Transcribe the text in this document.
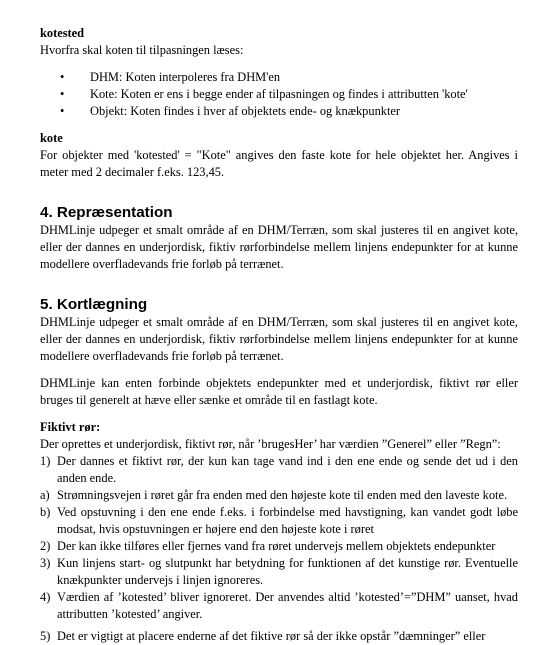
kotested

Hvorfra skal koten til tilpasningen læses:

• DHM: Koten interpoleres fra DHM'en
• Kote: Koten er ens i begge ender af tilpasningen og findes i attributten 'kote'
• Objekt: Koten findes i hver af objektets ende- og knækpunkter
kote

For objekter med 'kotested' = "Kote" angives den faste kote for hele objektet her. Angives i meter med 2 decimaler f.eks. 123,45.

4. Repræsentation

DHMLinje udpeger et smalt område af en DHM/Terræn, som skal justeres til en angivet kote, eller der dannes en underjordisk, fiktiv rørforbindelse mellem linjens endepunkter for at kunne modellere overfladevands frie forløb på terrænet.

5. Kortlægning

DHMLinje udpeger et smalt område af en DHM/Terræn, som skal justeres til en angivet kote, eller der dannes en underjordisk, fiktiv rørforbindelse mellem linjens endepunkter for at kunne modellere overfladevands frie forløb på terrænet.

DHMLinje kan enten forbinde objektets endepunkter med et underjordisk, fiktivt rør eller bruges til generelt at hæve eller sænke et område til en fastlagt kote.

Fiktivt rør:

Der oprettes et underjordisk, fiktivt rør, når ’brugesHer’ har værdien ”Generel” eller ”Regn”:

1) Der dannes et fiktivt rør, der kun kan tage vand ind i den ene ende og sende det ud i den anden ende.
a) Strømningsvejen i røret går fra enden med den højeste kote til enden med den laveste kote.
b) Ved opstuvning i den ene ende f.eks. i forbindelse med havstigning, kan vandet godt løbe modsat, hvis opstuvningen er højere end den højeste kote i røret
2) Der kan ikke tilføres eller fjernes vand fra røret undervejs mellem objektets endepunkter
3) Kun linjens start- og slutpunkt har betydning for funktionen af det kunstige rør. Eventuelle knækpunkter undervejs i linjen ignoreres.
4) Værdien af ’kotested’ bliver ignoreret. Der anvendes altid ’kotested’=”DHM” uanset, hvad attributten ’kotested’ angiver.
5) Det er vigtigt at placere enderne af det fiktive rør så der ikke opstår ”dæmninger” eller
